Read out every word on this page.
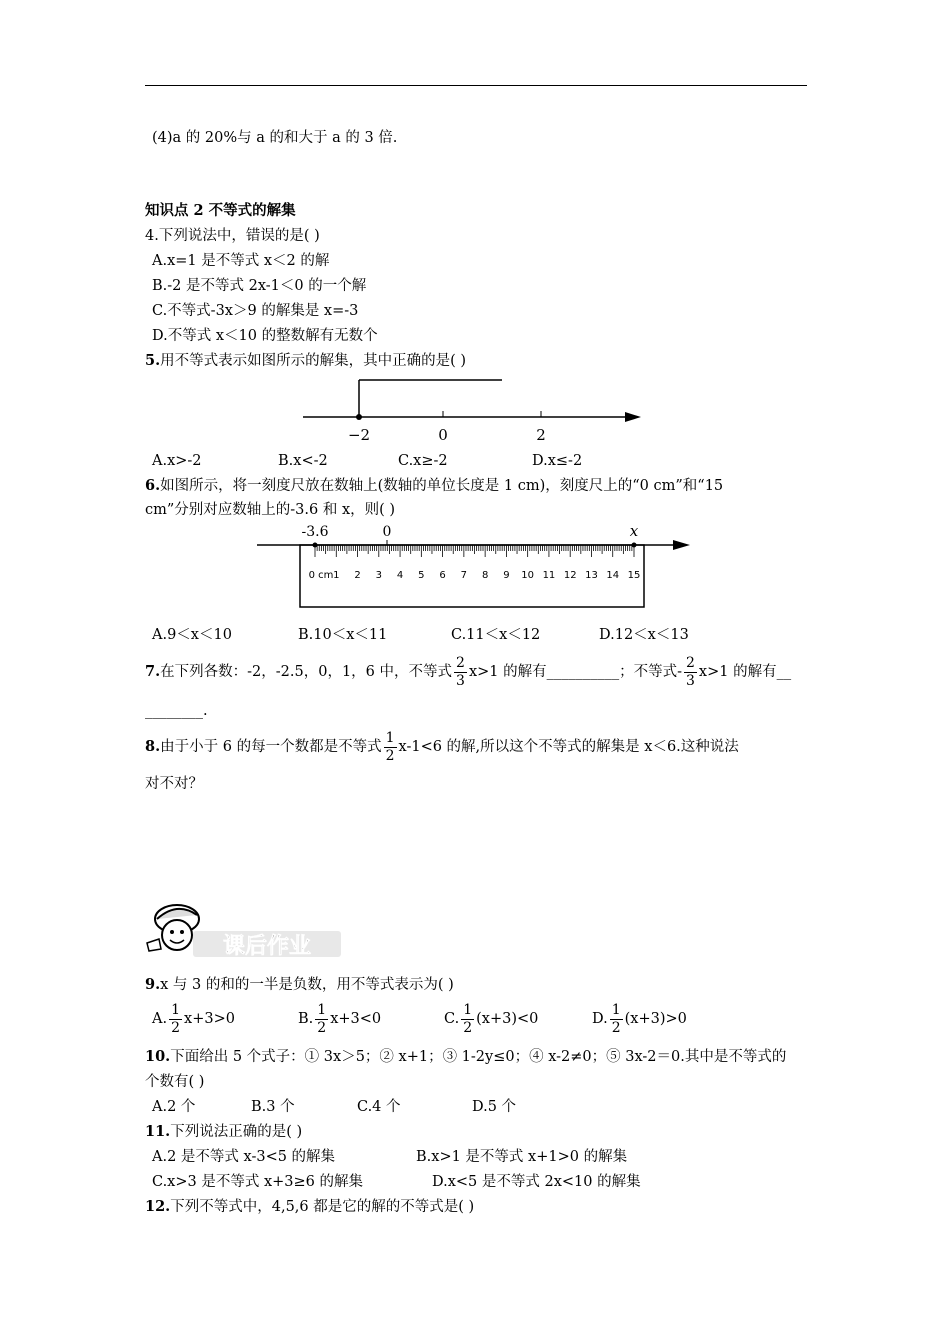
(4)a 的 20%与 a 的和大于 a 的 3 倍.
知识点 2 不等式的解集
4.下列说法中，错误的是( )
A.x=1 是不等式 x＜2 的解
B.-2 是不等式 2x-1＜0 的一个解
C.不等式-3x＞9 的解集是 x=-3
D.不等式 x＜10 的整数解有无数个
5.用不等式表示如图所示的解集，其中正确的是( )
−2	0	2
A.x>-2	B.x<-2	C.x≥-2	D.x≤-2
6.如图所示，将一刻度尺放在数轴上(数轴的单位长度是 1 cm)，刻度尺上的“0 cm”和“15
cm”分别对应数轴上的-3.6 和 x，则( )
-3.6	0	x
0 cm 1 2 3 4 5 6 7 8 9 10 11 12 13 14 15
A.9＜x＜10	B.10＜x＜11	C.11＜x＜12	D.12＜x＜13
7.在下列各数：-2，-2.5，0，1，6 中，不等式 $\frac{2}{3} x>1$ 的解有__________；不等式- $\frac{2}{3} x>1$ 的解有__
________.
8.由于小于 6 的每一个数都是不等式 $\frac{1}{2} x-1<6$ 的解,所以这个不等式的解集是 x＜6.这种说法
对不对？
课后作业
9.x 与 3 的和的一半是负数，用不等式表示为( )
A. $\frac{1}{2} x+3>0$	B. $\frac{1}{2} x+3<0$	C. $\frac{1}{2} (x+3)<0$	D. $\frac{1}{2} (x+3)>0$
10.下面给出 5 个式子：① 3x＞5；② x+1；③ 1-2y≤0；④ x-2≠0；⑤ 3x-2＝0.其中是不等式的
个数有( )
A.2 个	B.3 个	C.4 个	D.5 个
11.下列说法正确的是( )
A.2 是不等式 x-3<5 的解集	B.x>1 是不等式 x+1>0 的解集
C.x>3 是不等式 x+3≥6 的解集	D.x<5 是不等式 2x<10 的解集
12.下列不等式中，4,5,6 都是它的解的不等式是( )
